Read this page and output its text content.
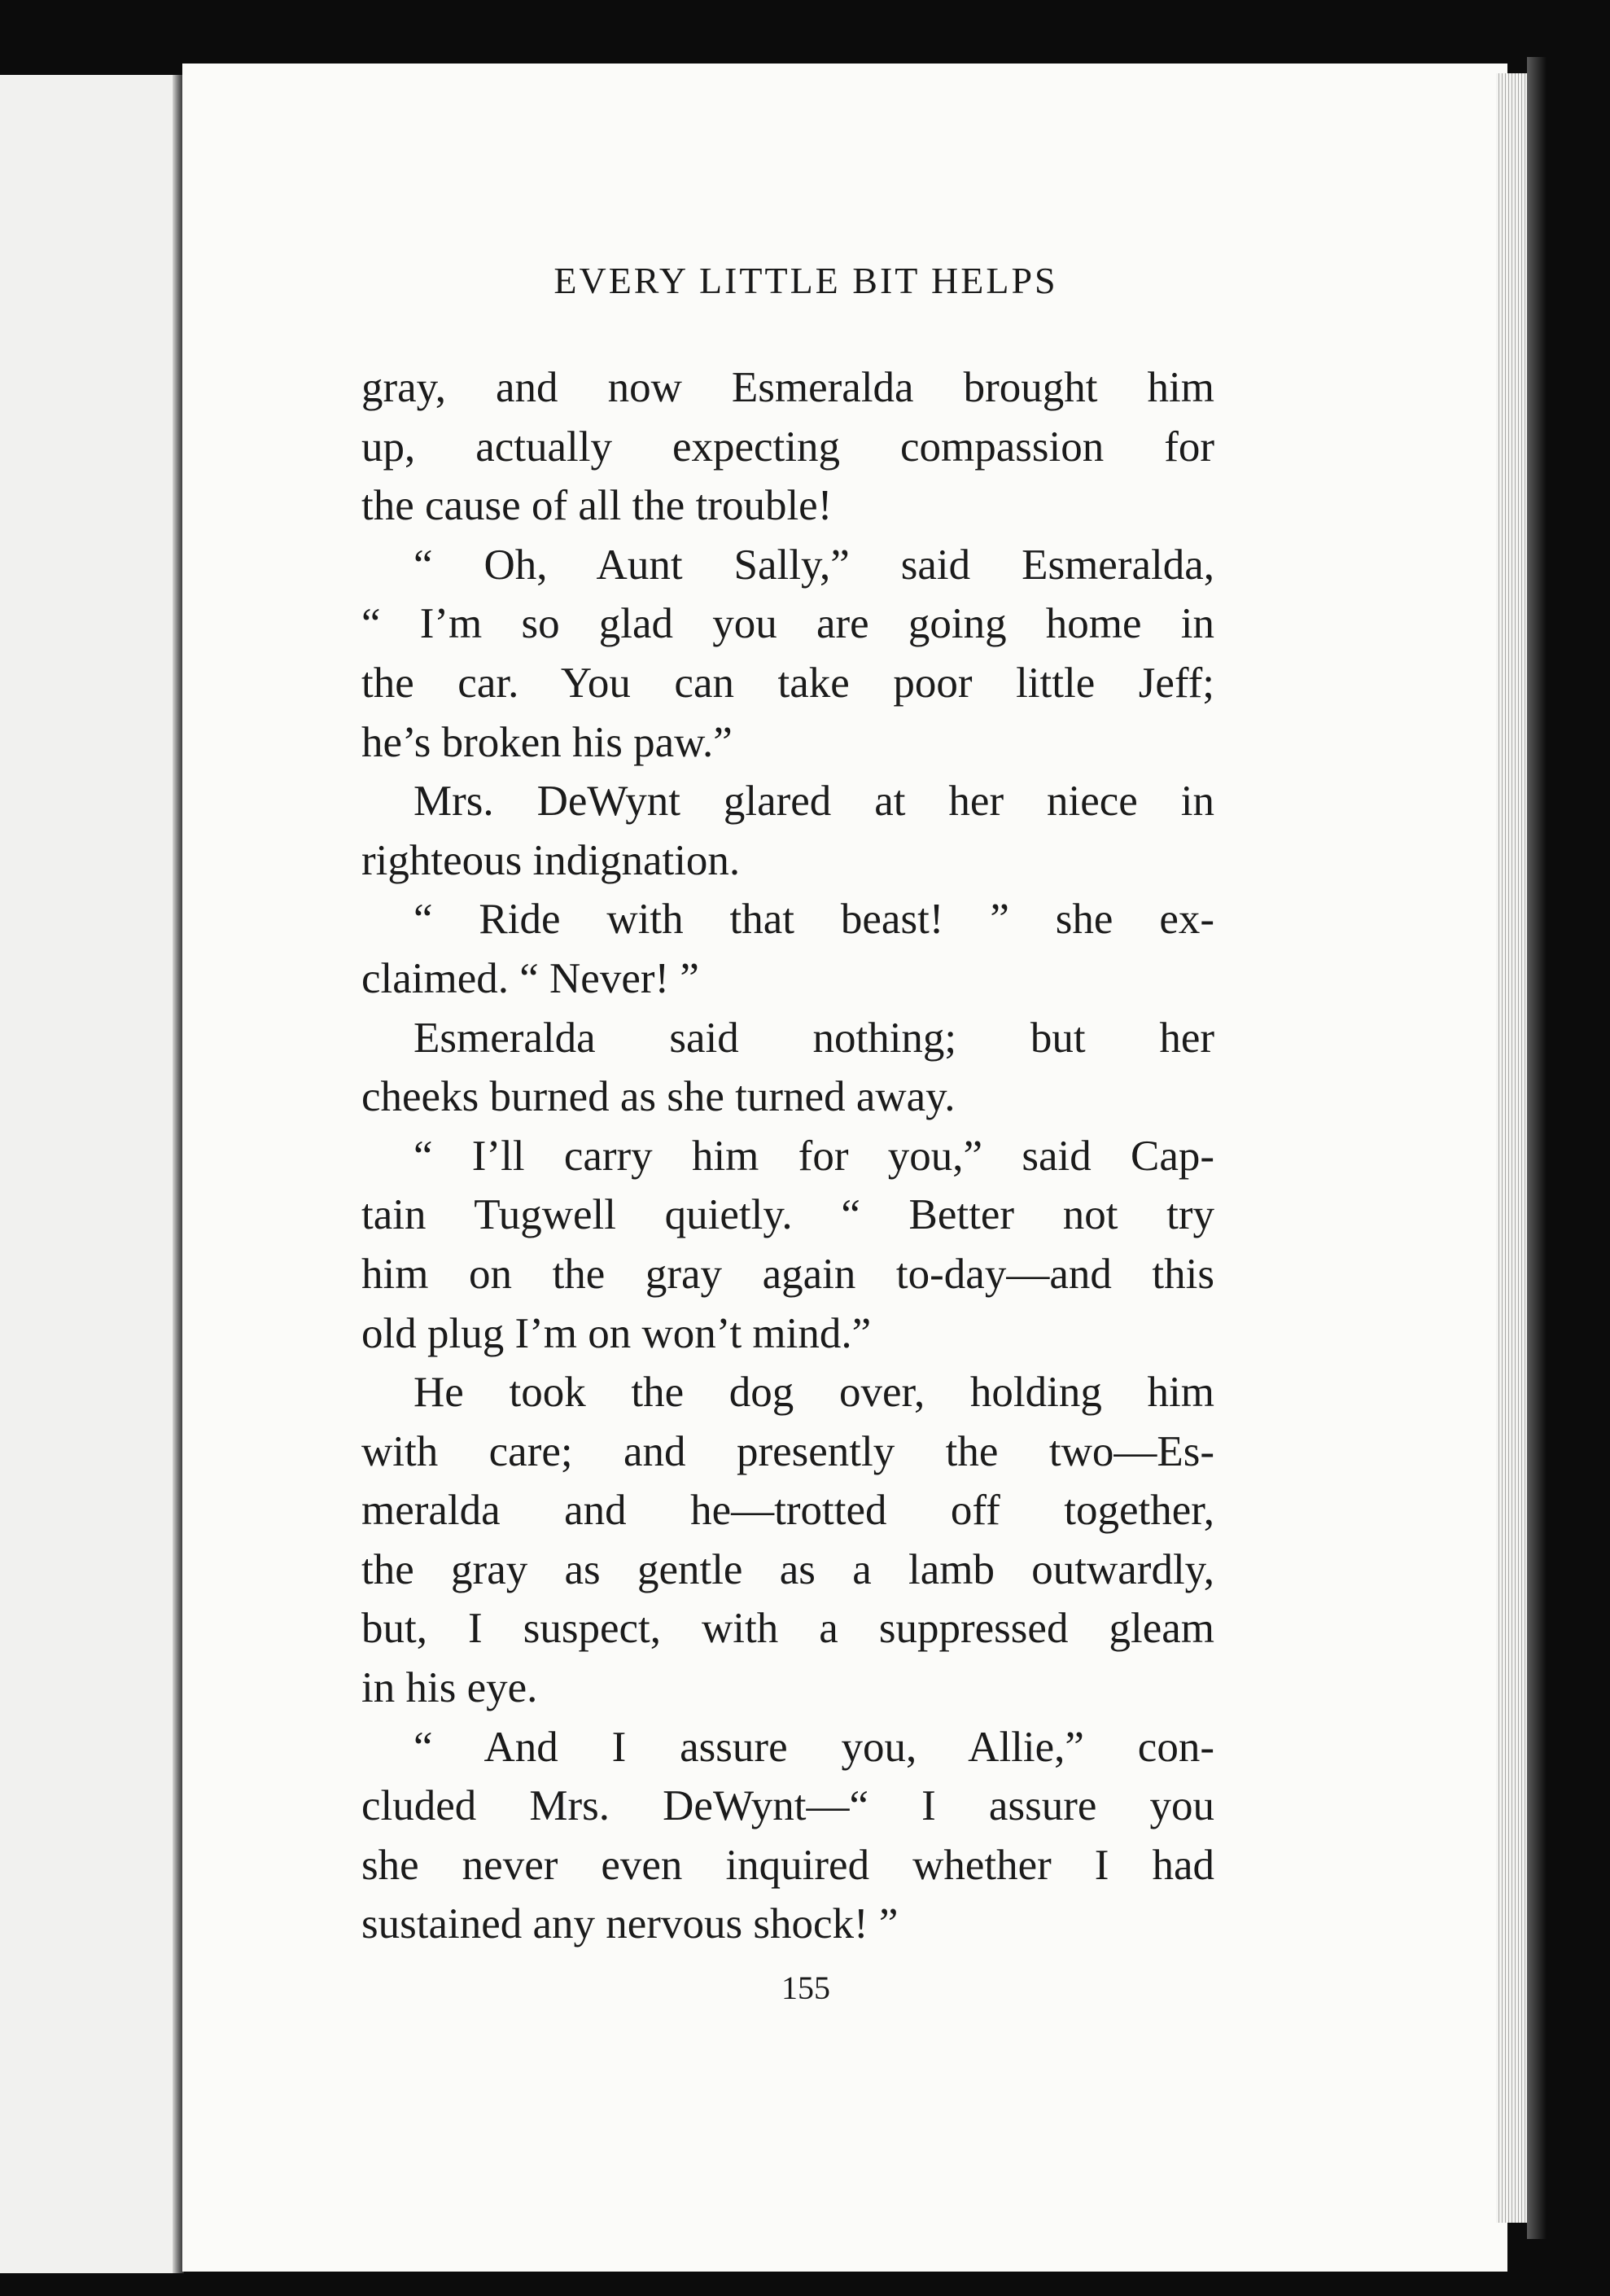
EVERY LITTLE BIT HELPS
gray, and now Esmeralda brought him
up, actually expecting compassion for
the cause of all the trouble!
“ Oh, Aunt Sally,” said Esmeralda,
“ I’m so glad you are going home in
the car. You can take poor little Jeff;
he’s broken his paw.”
Mrs. DeWynt glared at her niece in
righteous indignation.
“ Ride with that beast! ” she ex-
claimed. “ Never! ”
Esmeralda said nothing; but her
cheeks burned as she turned away.
“ I’ll carry him for you,” said Cap-
tain Tugwell quietly. “ Better not try
him on the gray again to-day—and this
old plug I’m on won’t mind.”
He took the dog over, holding him
with care; and presently the two—Es-
meralda and he—trotted off together,
the gray as gentle as a lamb outwardly,
but, I suspect, with a suppressed gleam
in his eye.
“ And I assure you, Allie,” con-
cluded Mrs. DeWynt—“ I assure you
she never even inquired whether I had
sustained any nervous shock! ”
155
